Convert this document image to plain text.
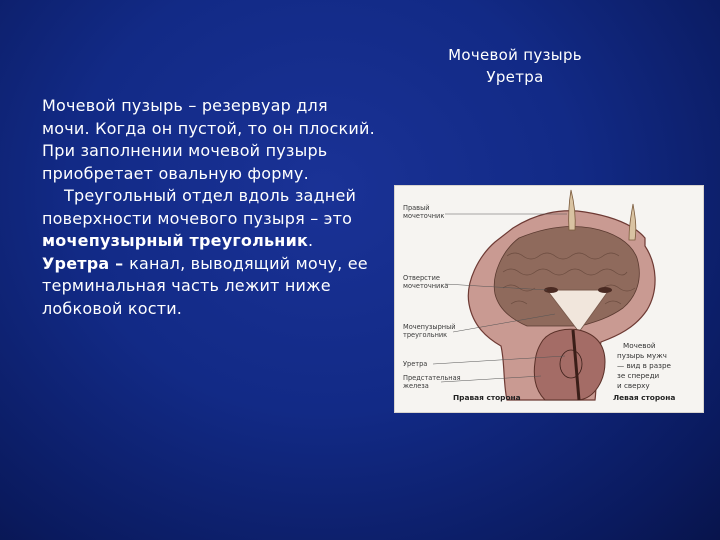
Мочевой пузырь
Уретра

Мочевой пузырь – резервуар для мочи. Когда он пустой, то он плоский. При заполнении мочевой пузырь приобретает овальную форму.

Треугольный отдел вдоль задней поверхности мочевого пузыря – это мочепузырный треугольник.

Уретра – канал, выводящий мочу, ее терминальная часть лежит ниже лобковой кости.

Правый
мочеточник
Отверстие
мочеточника
Мочепузырный
треугольник
Уретра
Предстательная
железа
Правая сторона	Левая сторона
Мочевой
пузырь мужч
— вид в разре
зе спереди
и сверху
